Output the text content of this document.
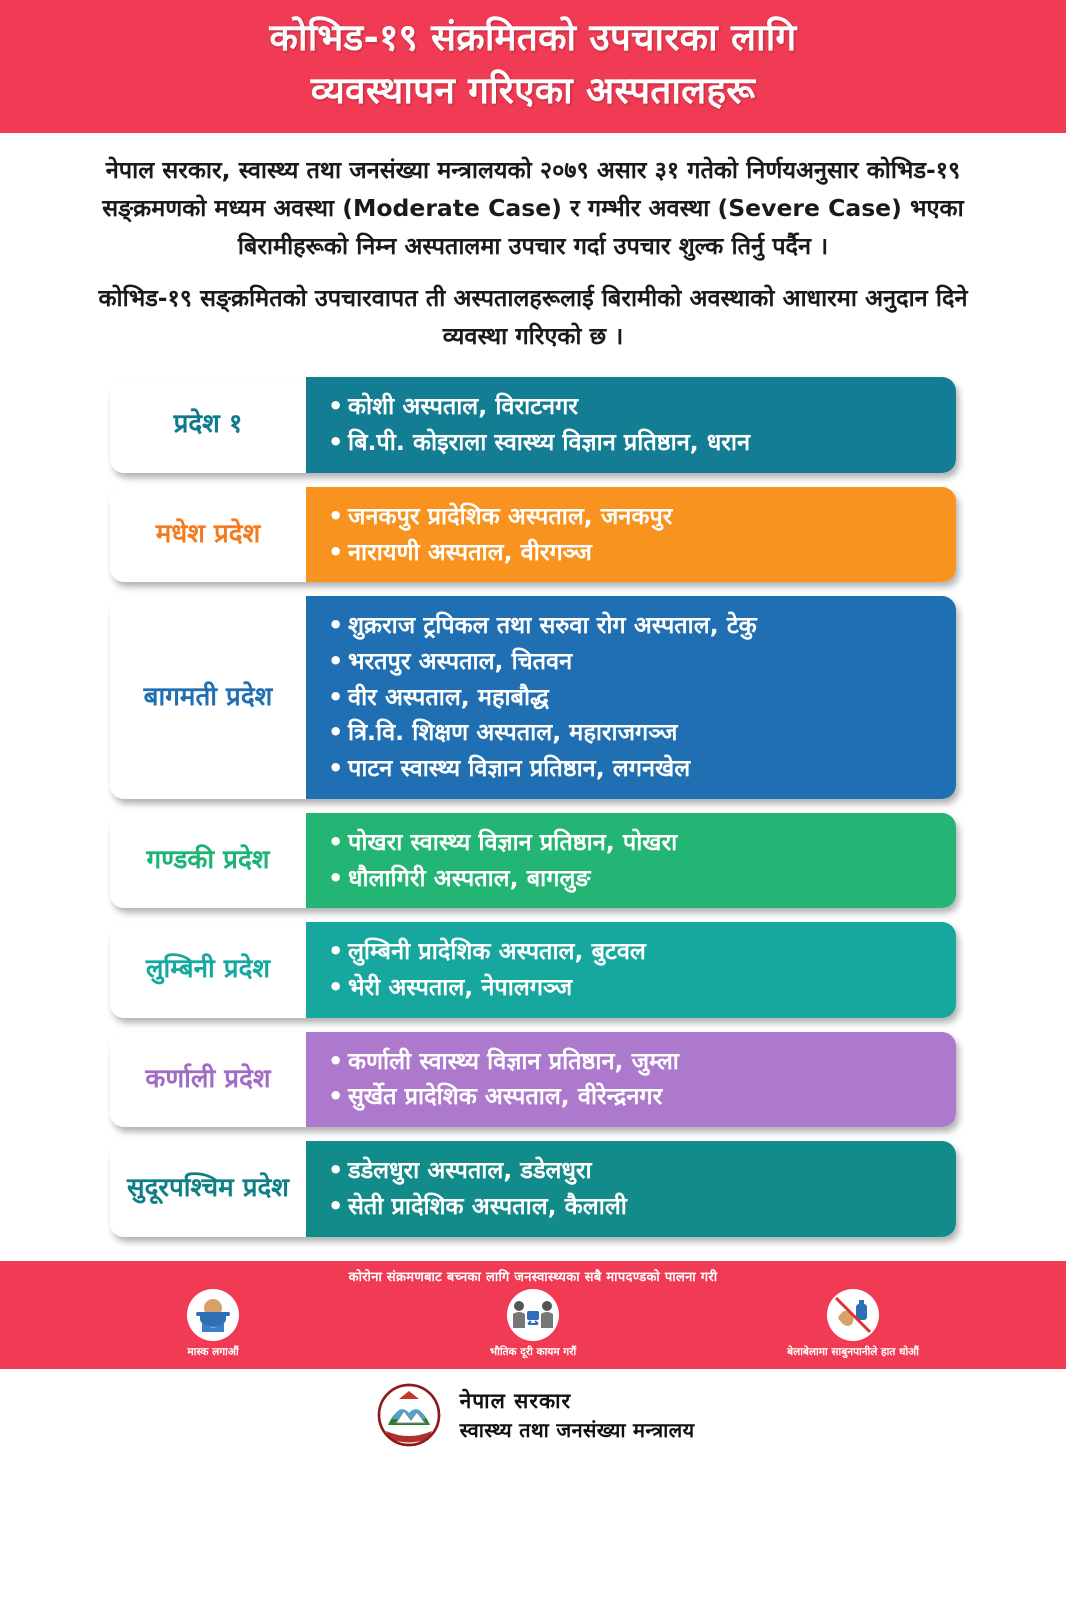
कोभिड-१९ संक्रमितको उपचारका लागि
व्यवस्थापन गरिएका अस्पतालहरू

नेपाल सरकार, स्वास्थ्य तथा जनसंख्या मन्त्रालयको २०७९ असार ३१ गतेको निर्णयअनुसार कोभिड-१९ सङ्क्रमणको मध्यम अवस्था (Moderate Case) र गम्भीर अवस्था (Severe Case) भएका बिरामीहरूको निम्न अस्पतालमा उपचार गर्दा उपचार शुल्क तिर्नु पर्दैन ।

कोभिड-१९ सङ्क्रमितको उपचारवापत ती अस्पतालहरूलाई बिरामीको अवस्थाको आधारमा अनुदान दिने व्यवस्था गरिएको छ ।

प्रदेश १
• कोशी अस्पताल, विराटनगर
• बि.पी. कोइराला स्वास्थ्य विज्ञान प्रतिष्ठान, धरान
मधेश प्रदेश
• जनकपुर प्रादेशिक अस्पताल, जनकपुर
• नारायणी अस्पताल, वीरगञ्ज
बागमती प्रदेश
• शुक्रराज ट्रपिकल तथा सरुवा रोग अस्पताल, टेकु
• भरतपुर अस्पताल, चितवन
• वीर अस्पताल, महाबौद्ध
• त्रि.वि. शिक्षण अस्पताल, महाराजगञ्ज
• पाटन स्वास्थ्य विज्ञान प्रतिष्ठान, लगनखेल
गण्डकी प्रदेश
• पोखरा स्वास्थ्य विज्ञान प्रतिष्ठान, पोखरा
• धौलागिरी अस्पताल, बागलुङ
लुम्बिनी प्रदेश
• लुम्बिनी प्रादेशिक अस्पताल, बुटवल
• भेरी अस्पताल, नेपालगञ्ज
कर्णाली प्रदेश
• कर्णाली स्वास्थ्य विज्ञान प्रतिष्ठान, जुम्ला
• सुर्खेत प्रादेशिक अस्पताल, वीरेन्द्रनगर
सुदूरपश्चिम प्रदेश
• डडेलधुरा अस्पताल, डडेलधुरा
• सेती प्रादेशिक अस्पताल, कैलाली
कोरोना संक्रमणबाट बच्नका लागि जनस्वास्थ्यका सबै मापदण्डको पालना गरी
मास्क लगाऔं	भौतिक दूरी कायम गरौं	बेलाबेलामा साबुनपानीले हात धोऔं
नेपाल सरकार
स्वास्थ्य तथा जनसंख्या मन्त्रालय
